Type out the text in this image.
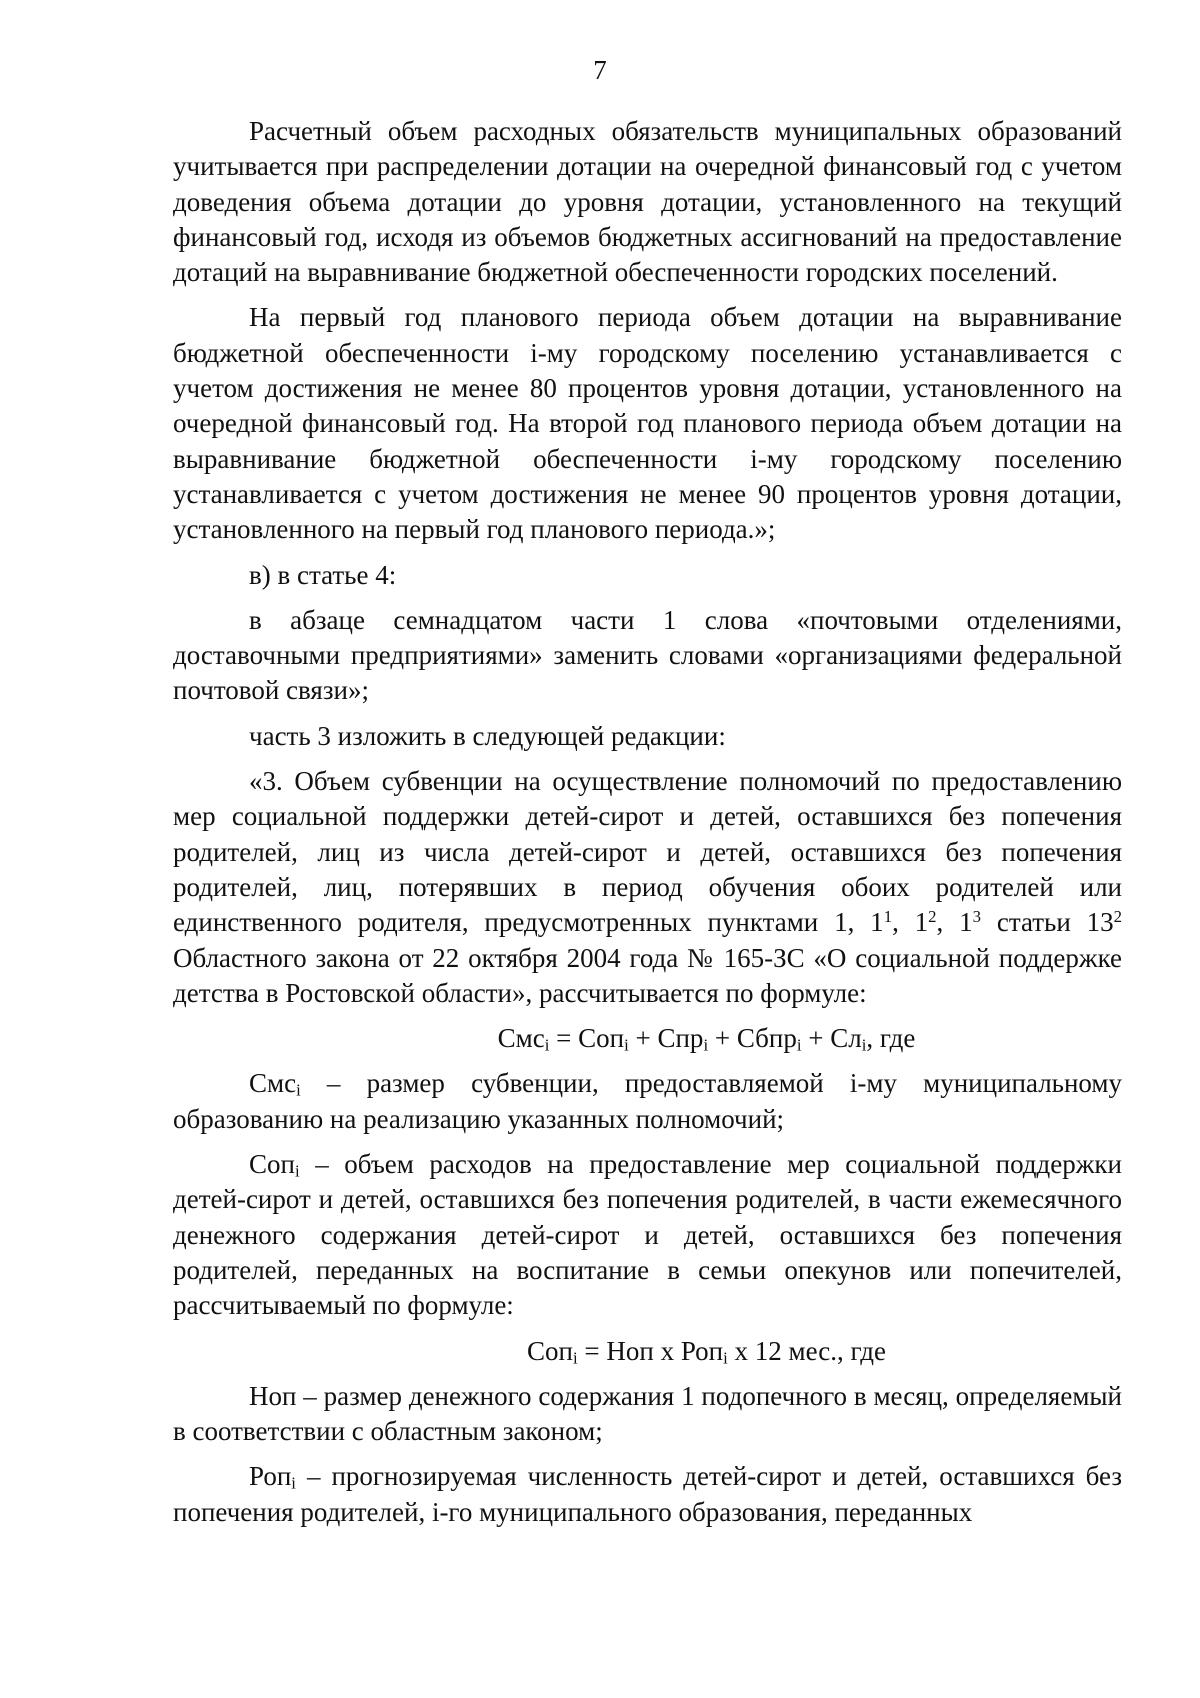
7

Расчетный объем расходных обязательств муниципальных образований учитывается при распределении дотации на очередной финансовый год с учетом доведения объема дотации до уровня дотации, установленного на текущий финансовый год, исходя из объемов бюджетных ассигнований на предоставление дотаций на выравнивание бюджетной обеспеченности городских поселений.

На первый год планового периода объем дотации на выравнивание бюджетной обеспеченности i-му городскому поселению устанавливается с учетом достижения не менее 80 процентов уровня дотации, установленного на очередной финансовый год. На второй год планового периода объем дотации на выравнивание бюджетной обеспеченности i-му городскому поселению устанавливается с учетом достижения не менее 90 процентов уровня дотации, установленного на первый год планового периода.»;

в) в статье 4:

в абзаце семнадцатом части 1 слова «почтовыми отделениями, доставочными предприятиями» заменить словами «организациями федеральной почтовой связи»;

часть 3 изложить в следующей редакции:

«3. Объем субвенции на осуществление полномочий по предоставлению мер социальной поддержки детей-сирот и детей, оставшихся без попечения родителей, лиц из числа детей-сирот и детей, оставшихся без попечения родителей, лиц, потерявших в период обучения обоих родителей или единственного родителя, предусмотренных пунктами 1, $1^1$, $1^2$, $1^3$ статьи $13^2$ Областного закона от 22 октября 2004 года № 165-ЗС «О социальной поддержке детства в Ростовской области», рассчитывается по формуле:

Смс$_i$ = Соп$_i$ + Спр$_i$ + Сбпр$_i$ + $Сл_i$, где

Смс$_i$ – размер субвенции, предоставляемой i-му муниципальному образованию на реализацию указанных полномочий;

Соп$_i$ – объем расходов на предоставление мер социальной поддержки детей-сирот и детей, оставшихся без попечения родителей, в части ежемесячного денежного содержания детей-сирот и детей, оставшихся без попечения родителей, переданных на воспитание в семьи опекунов или попечителей, рассчитываемый по формуле:

Соп$_i$ = Ноп х Роп$_i$ х 12 мес., где

Ноп – размер денежного содержания 1 подопечного в месяц, определяемый в соответствии с областным законом;

Роп$_i$ – прогнозируемая численность детей-сирот и детей, оставшихся без попечения родителей, i-го муниципального образования, переданных
